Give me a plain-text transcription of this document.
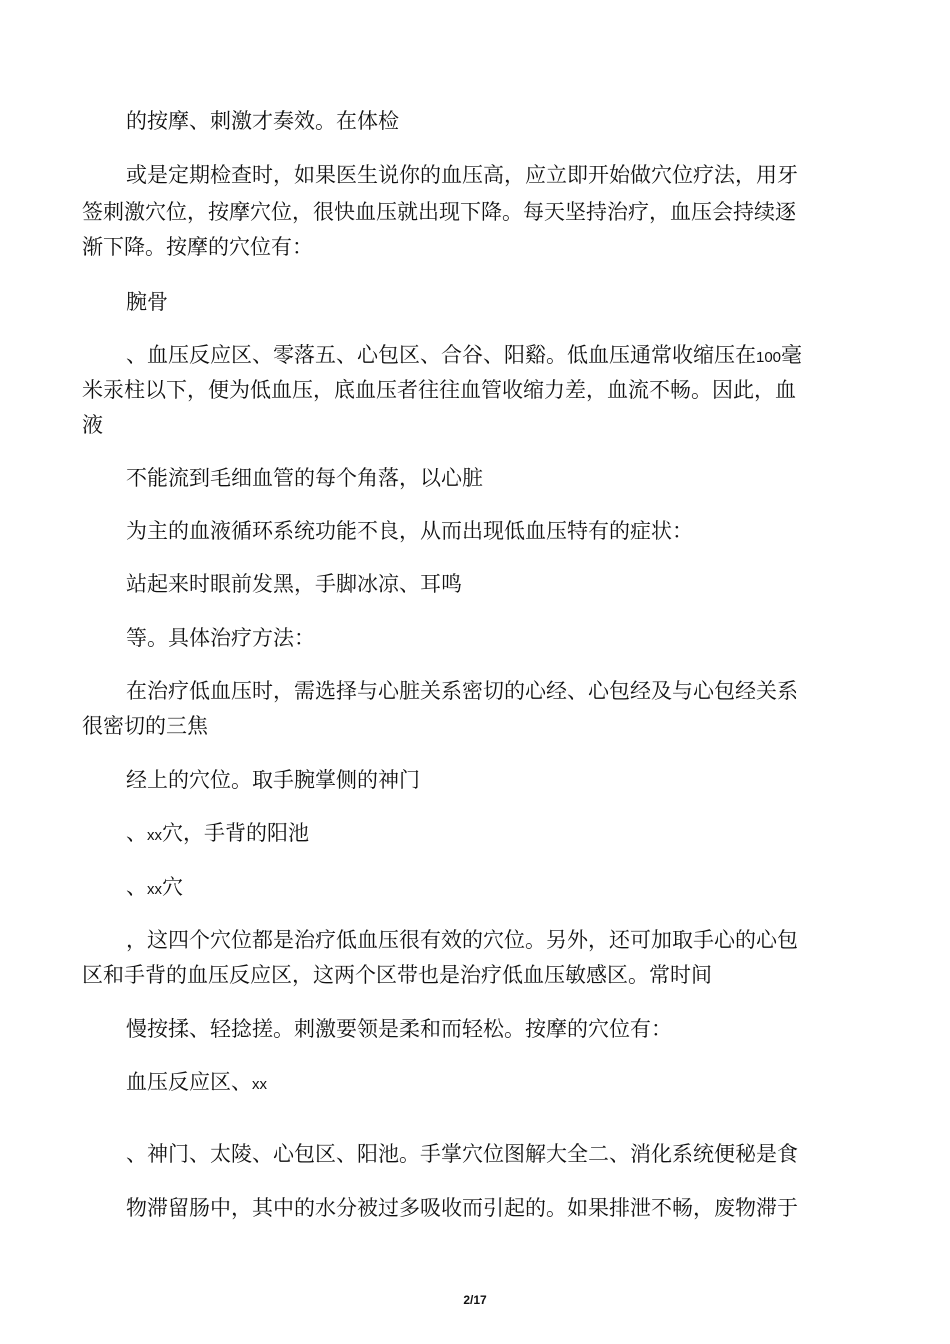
的按摩、刺激才奏效。在体检

或是定期检查时，如果医生说你的血压高，应立即开始做穴位疗法，用牙

签刺激穴位，按摩穴位，很快血压就出现下降。每天坚持治疗，血压会持续逐

渐下降。按摩的穴位有：

腕骨

、血压反应区、零落五、心包区、合谷、阳谿。低血压通常收缩压在100毫

米汞柱以下，便为低血压，底血压者往往血管收缩力差，血流不畅。因此，血

液

不能流到毛细血管的每个角落，以心脏

为主的血液循环系统功能不良，从而出现低血压特有的症状：

站起来时眼前发黑，手脚冰凉、耳鸣

等。具体治疗方法：

在治疗低血压时，需选择与心脏关系密切的心经、心包经及与心包经关系

很密切的三焦

经上的穴位。取手腕掌侧的神门

、xx穴，手背的阳池

、xx穴

，这四个穴位都是治疗低血压很有效的穴位。另外，还可加取手心的心包

区和手背的血压反应区，这两个区带也是治疗低血压敏感区。常时间

慢按揉、轻捻搓。刺激要领是柔和而轻松。按摩的穴位有：

血压反应区、xx

、神门、太陵、心包区、阳池。手掌穴位图解大全二、消化系统便秘是食

物滞留肠中，其中的水分被过多吸收而引起的。如果排泄不畅，废物滞于

2/17
